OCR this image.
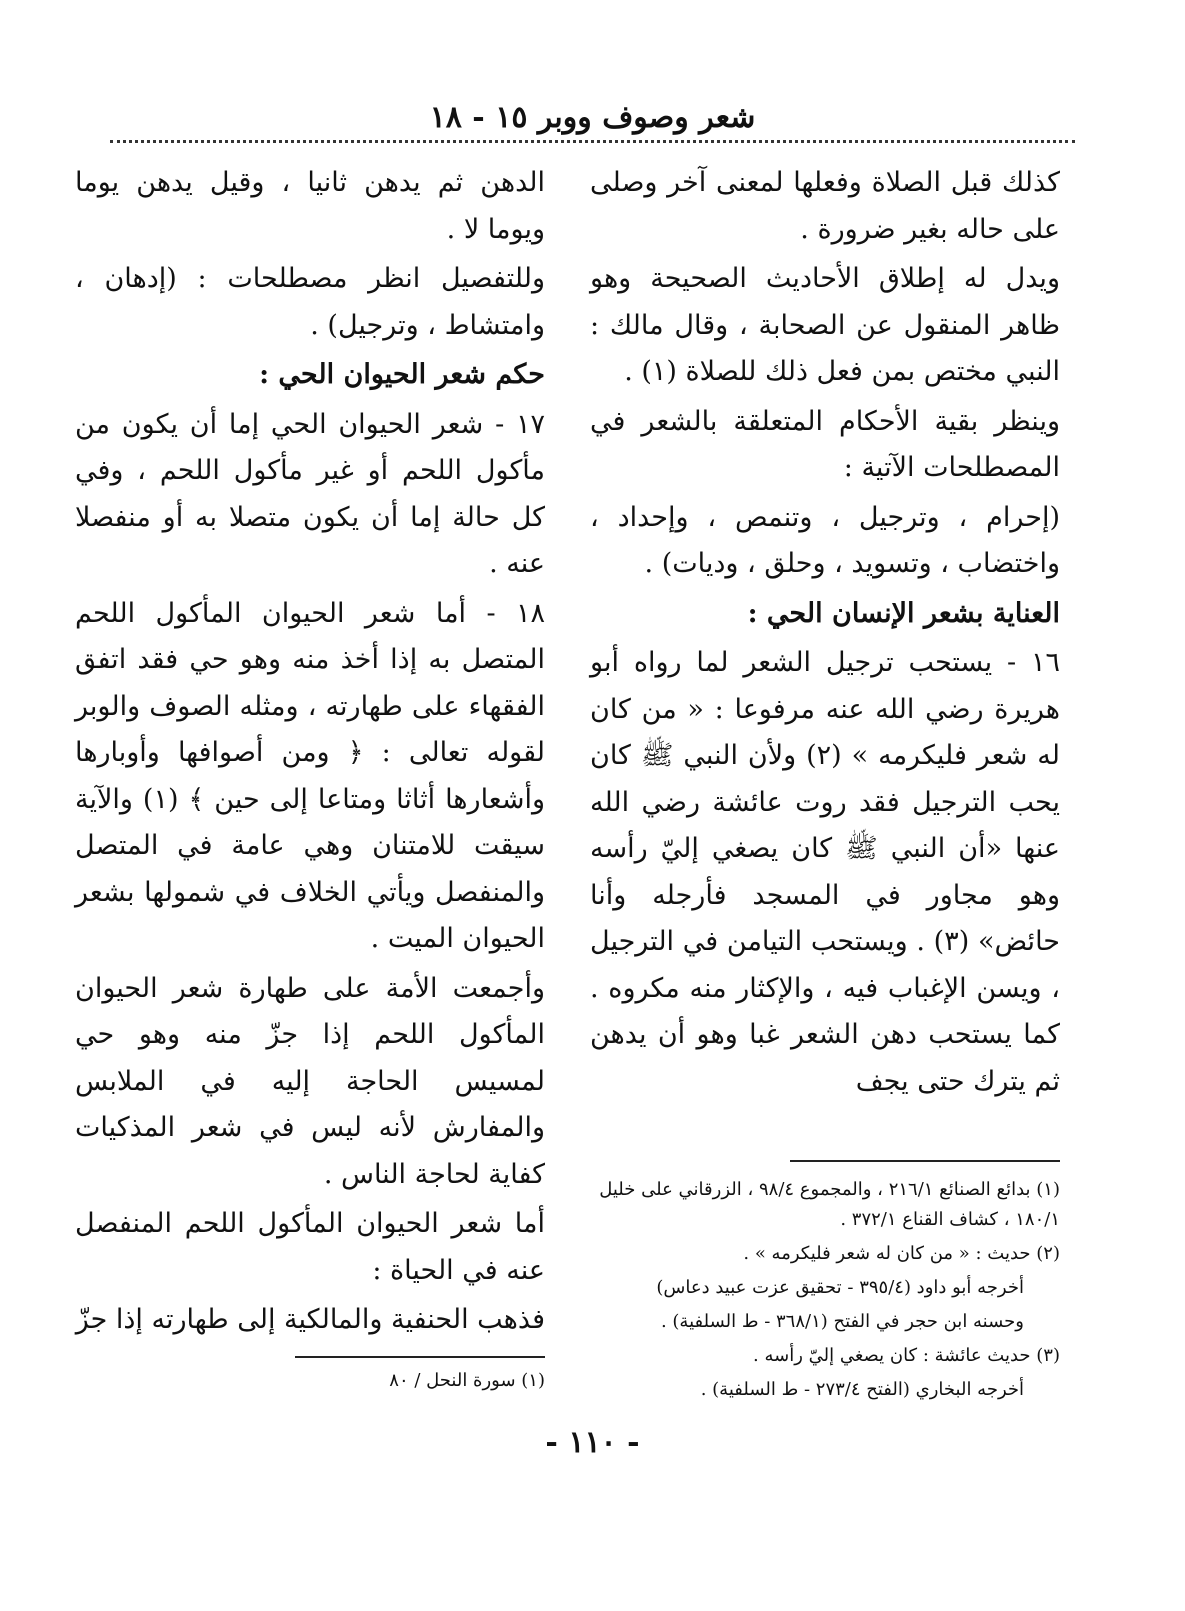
شعر وصوف ووبر ١٥ - ١٨

كذلك قبل الصلاة وفعلها لمعنى آخر وصلى على حاله بغير ضرورة .

ويدل له إطلاق الأحاديث الصحيحة وهو ظاهر المنقول عن الصحابة ، وقال مالك : النبي مختص بمن فعل ذلك للصلاة (١) .

وينظر بقية الأحكام المتعلقة بالشعر في المصطلحات الآتية :

(إحرام ، وترجيل ، وتنمص ، وإحداد ، واختضاب ، وتسويد ، وحلق ، وديات) .

العناية بشعر الإنسان الحي :

١٦ - يستحب ترجيل الشعر لما رواه أبو هريرة رضي الله عنه مرفوعا : « من كان له شعر فليكرمه » (٢) ولأن النبي ﷺ كان يحب الترجيل فقد روت عائشة رضي الله عنها «أن النبي ﷺ كان يصغي إليّ رأسه وهو مجاور في المسجد فأرجله وأنا حائض» (٣) . ويستحب التيامن في الترجيل ، ويسن الإغباب فيه ، والإكثار منه مكروه . كما يستحب دهن الشعر غبا وهو أن يدهن ثم يترك حتى يجف

الدهن ثم يدهن ثانيا ، وقيل يدهن يوما ويوما لا .

وللتفصيل انظر مصطلحات : (إدهان ، وامتشاط ، وترجيل) .

حكم شعر الحيوان الحي :

١٧ - شعر الحيوان الحي إما أن يكون من مأكول اللحم أو غير مأكول اللحم ، وفي كل حالة إما أن يكون متصلا به أو منفصلا عنه .

١٨ - أما شعر الحيوان المأكول اللحم المتصل به إذا أخذ منه وهو حي فقد اتفق الفقهاء على طهارته ، ومثله الصوف والوبر لقوله تعالى : ﴿ ومن أصوافها وأوبارها وأشعارها أثاثا ومتاعا إلى حين ﴾ (١) والآية سيقت للامتنان وهي عامة في المتصل والمنفصل ويأتي الخلاف في شمولها بشعر الحيوان الميت .

وأجمعت الأمة على طهارة شعر الحيوان المأكول اللحم إذا جزّ منه وهو حي لمسيس الحاجة إليه في الملابس والمفارش لأنه ليس في شعر المذكيات كفاية لحاجة الناس .

أما شعر الحيوان المأكول اللحم المنفصل عنه في الحياة :

فذهب الحنفية والمالكية إلى طهارته إذا جزّ

(١) بدائع الصنائع ٢١٦/١ ، والمجموع ٩٨/٤ ، الزرقاني على خليل ١٨٠/١ ، كشاف القناع ٣٧٢/١ .

(٢) حديث : « من كان له شعر فليكرمه » .

أخرجه أبو داود (٣٩٥/٤ - تحقيق عزت عبيد دعاس)

وحسنه ابن حجر في الفتح (٣٦٨/١ - ط السلفية) .

(٣) حديث عائشة : كان يصغي إليّ رأسه .

أخرجه البخاري (الفتح ٢٧٣/٤ - ط السلفية) .

(١) سورة النحل / ٨٠

- ١١٠ -
